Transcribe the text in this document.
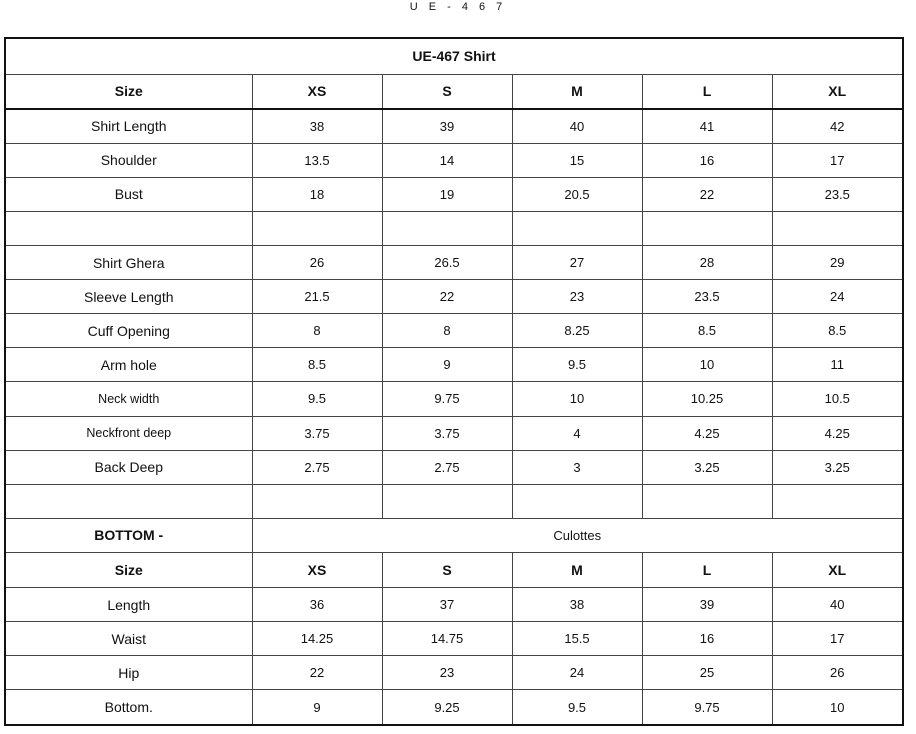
U E - 4 6 7
UE-467 Shirt					
Size	XS	S	M	L	XL
Shirt Length	38	39	40	41	42
Shoulder	13.5	14	15	16	17
Bust	18	19	20.5	22	23.5

Shirt Ghera	26	26.5	27	28	29
Sleeve Length	21.5	22	23	23.5	24
Cuff Opening	8	8	8.25	8.5	8.5
Arm hole	8.5	9	9.5	10	11
Neck width	9.5	9.75	10	10.25	10.5
Neckfront deep	3.75	3.75	4	4.25	4.25
Back Deep	2.75	2.75	3	3.25	3.25

BOTTOM -	Culottes				
Size	XS	S	M	L	XL
Length	36	37	38	39	40
Waist	14.25	14.75	15.5	16	17
Hip	22	23	24	25	26
Bottom.	9	9.25	9.5	9.75	10
